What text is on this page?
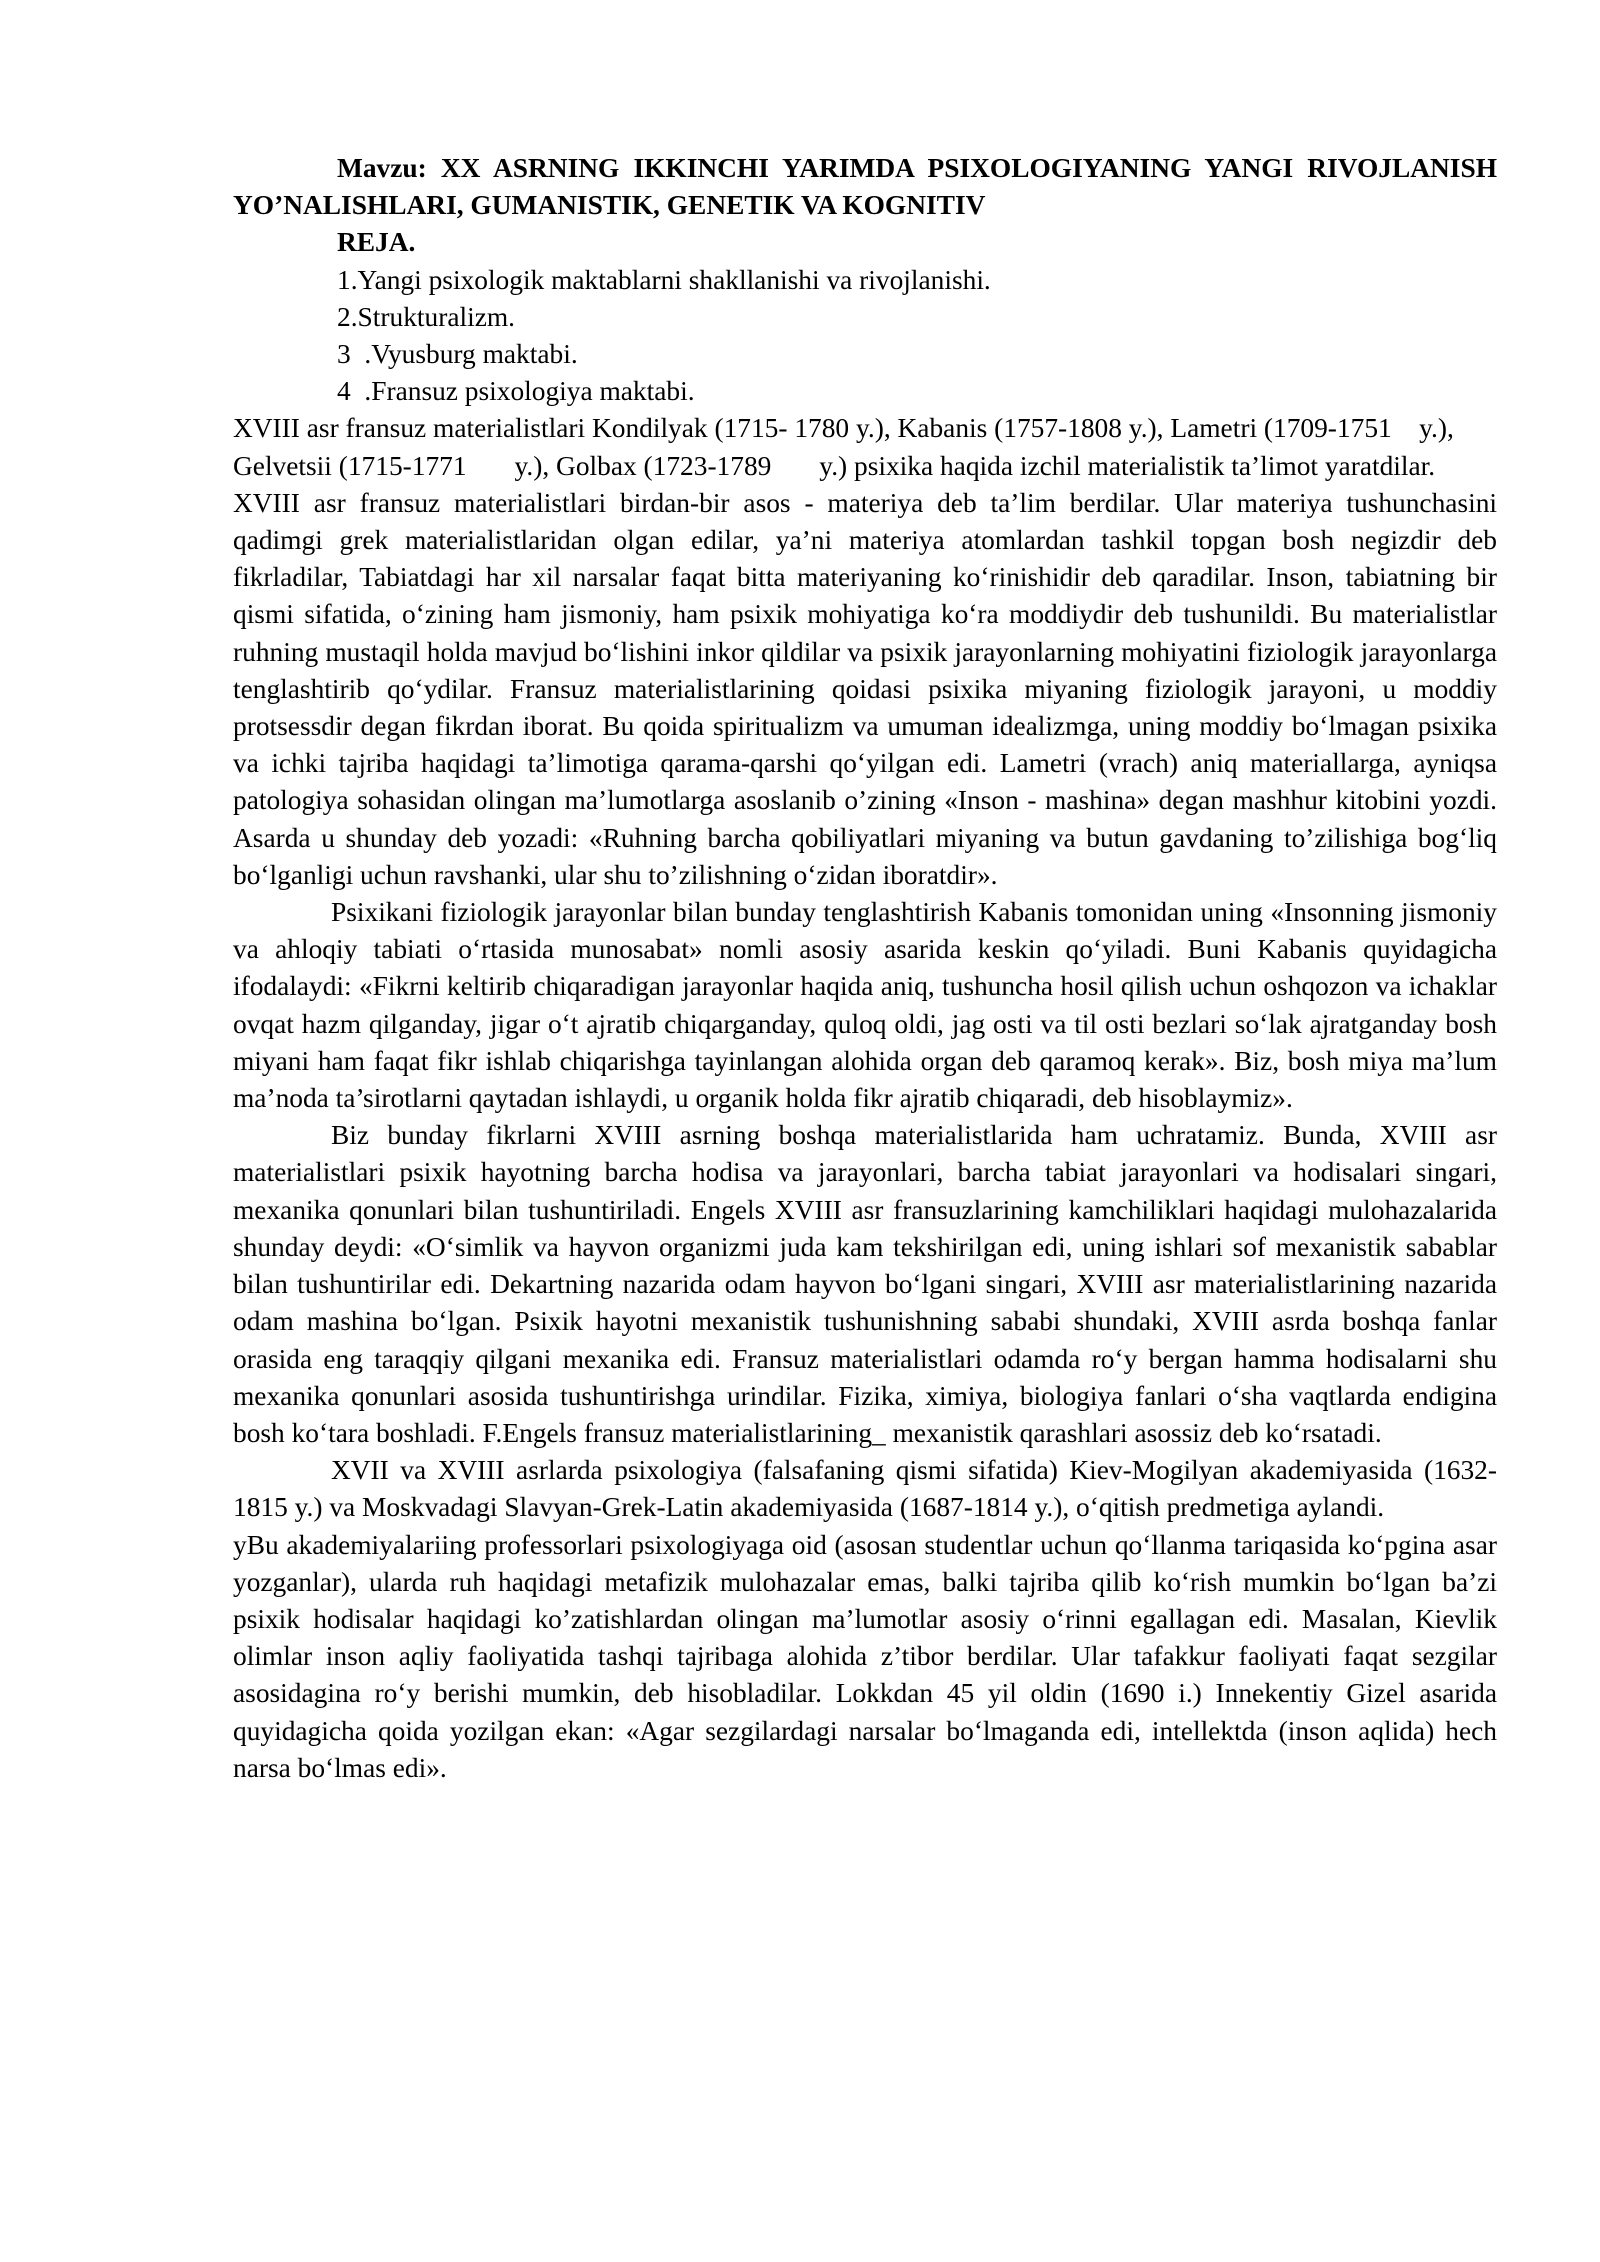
Mavzu: XX ASRNING IKKINCHI YARIMDA PSIXOLOGIYANING YANGI RIVOJLANISH YO’NALISHLARI, GUMANISTIK, GENETIK VA KOGNITIV

REJA.

1.Yangi psixologik maktablarni shakllanishi va rivojlanishi.

2.Strukturalizm.

3  .Vyusburg maktabi.

4  .Fransuz psixologiya maktabi.

XVIII asr fransuz materialistlari Kondilyak (1715- 1780 y.), Kabanis (1757-1808 y.), Lametri (1709-1751    y.), Gelvetsii (1715-1771       y.), Golbax (1723-1789       y.) psixika haqida izchil materialistik ta’limot yaratdilar.

XVIII asr fransuz materialistlari birdan-bir asos - materiya deb ta’lim berdilar. Ular materiya tushunchasini qadimgi grek materialistlaridan olgan edilar, ya’ni materiya atomlardan tashkil topgan bosh negizdir deb fikrladilar, Tabiatdagi har xil narsalar faqat bitta materiyaning ko‘rinishidir deb qaradilar. Inson, tabiatning bir qismi sifatida, o‘zining ham jismoniy, ham psixik mohiyatiga ko‘ra moddiydir deb tushunildi. Bu materialistlar ruhning mustaqil holda mavjud bo‘lishini inkor qildilar va psixik jarayonlarning mohiyatini fiziologik jarayonlarga tenglashtirib qo‘ydilar. Fransuz materialistlarining qoidasi psixika miyaning fiziologik jarayoni, u moddiy protsessdir degan fikrdan iborat. Bu qoida spiritualizm va umuman idealizmga, uning moddiy bo‘lmagan psixika va ichki tajriba haqidagi ta’limotiga qarama-qarshi qo‘yilgan edi. Lametri (vrach) aniq materiallarga, ayniqsa patologiya sohasidan olingan ma’lumotlarga asoslanib o’zining «Inson - mashina» degan mashhur kitobini yozdi. Asarda u shunday deb yozadi: «Ruhning barcha qobiliyatlari miyaning va butun gavdaning to’zilishiga bog‘liq bo‘lganligi uchun ravshanki, ular shu to’zilishning o‘zidan iboratdir».

Psixikani fiziologik jarayonlar bilan bunday tenglashtirish Kabanis tomonidan uning «Insonning jismoniy va ahloqiy tabiati o‘rtasida munosabat» nomli asosiy asarida keskin qo‘yiladi. Buni Kabanis quyidagicha ifodalaydi: «Fikrni keltirib chiqaradigan jarayonlar haqida aniq, tushuncha hosil qilish uchun oshqozon va ichaklar ovqat hazm qilganday, jigar o‘t ajratib chiqarganday, quloq oldi, jag osti va til osti bezlari so‘lak ajratganday bosh miyani ham faqat fikr ishlab chiqarishga tayinlangan alohida organ deb qaramoq kerak». Biz, bosh miya ma’lum ma’noda ta’sirotlarni qaytadan ishlaydi, u organik holda fikr ajratib chiqaradi, deb hisoblaymiz».

Biz bunday fikrlarni XVIII asrning boshqa materialistlarida ham uchratamiz. Bunda, XVIII asr materialistlari psixik hayotning barcha hodisa va jarayonlari, barcha tabiat jarayonlari va hodisalari singari, mexanika qonunlari bilan tushuntiriladi. Engels XVIII asr fransuzlarining kamchiliklari haqidagi mulohazalarida shunday deydi: «O‘simlik va hayvon organizmi juda kam tekshirilgan edi, uning ishlari sof mexanistik sabablar bilan tushuntirilar edi. Dekartning nazarida odam hayvon bo‘lgani singari, XVIII asr materialistlarining nazarida odam mashina bo‘lgan. Psixik hayotni mexanistik tushunishning sababi shundaki, XVIII asrda boshqa fanlar orasida eng taraqqiy qilgani mexanika edi. Fransuz materialistlari odamda ro‘y bergan hamma hodisalarni shu mexanika qonunlari asosida tushuntirishga urindilar. Fizika, ximiya, biologiya fanlari o‘sha vaqtlarda endigina bosh ko‘tara boshladi. F.Engels fransuz materialistlarining_ mexanistik qarashlari asossiz deb ko‘rsatadi.

XVII va XVIII asrlarda psixologiya (falsafaning qismi sifatida) Kiev-Mogilyan akademiyasida (1632-1815 y.) va Moskvadagi Slavyan-Grek-Latin akademiyasida (1687-1814 y.), o‘qitish predmetiga aylandi.

yBu akademiyalariing professorlari psixologiyaga oid (asosan studentlar uchun qo‘llanma tariqasida ko‘pgina asar yozganlar), ularda ruh haqidagi metafizik mulohazalar emas, balki tajriba qilib ko‘rish mumkin bo‘lgan ba’zi psixik hodisalar haqidagi ko’zatishlardan olingan ma’lumotlar asosiy o‘rinni egallagan edi. Masalan, Kievlik olimlar inson aqliy faoliyatida tashqi tajribaga alohida z’tibor berdilar. Ular tafakkur faoliyati faqat sezgilar asosidagina ro‘y berishi mumkin, deb hisobladilar. Lokkdan 45 yil oldin (1690 i.) Innekentiy Gizel asarida quyidagicha qoida yozilgan ekan: «Agar sezgilardagi narsalar bo‘lmaganda edi, intellektda (inson aqlida) hech narsa bo‘lmas edi».
